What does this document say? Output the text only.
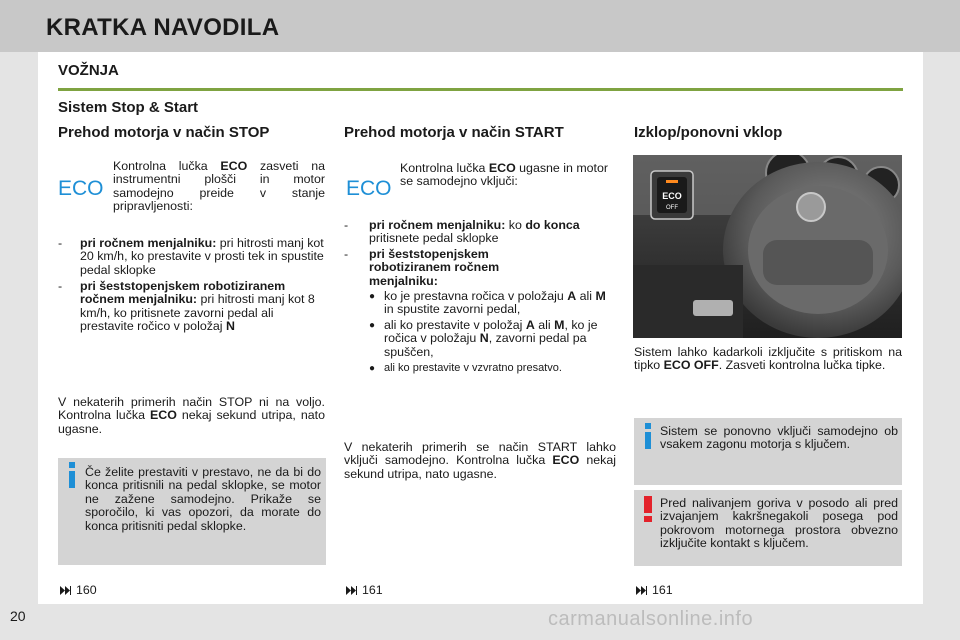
KRATKA NAVODILA
VOŽNJA
Sistem Stop & Start
Prehod motorja v način STOP
ECO
Kontrolna lučka ECO zasveti na instrumentni plošči in motor samodejno preide v stanje pripravljenosti:
- pri ročnem menjalniku: pri hitrosti manj kot 20 km/h, ko prestavite v prosti tek in spustite pedal sklopke
- pri šeststopenjskem robotiziranem ročnem menjalniku: pri hitrosti manj kot 8 km/h, ko pritisnete zavorni pedal ali prestavite ročico v položaj N
V nekaterih primerih način STOP ni na voljo. Kontrolna lučka ECO nekaj sekund utripa, nato ugasne.
Če želite prestaviti v prestavo, ne da bi do konca pritisnili na pedal sklopke, se motor ne zažene samodejno. Prikaže se sporočilo, ki vas opozori, da morate do konca pritisniti pedal sklopke.
160
Prehod motorja v način START
ECO
Kontrolna lučka ECO ugasne in motor se samodejno vključi:
- pri ročnem menjalniku: ko do konca pritisnete pedal sklopke
- pri šeststopenjskem robotiziranem ročnem menjalniku:
● ko je prestavna ročica v položaju A ali M in spustite zavorni pedal,
● ali ko prestavite v položaj A ali M, ko je ročica v položaju N, zavorni pedal pa spuščen,
● ali ko prestavite v vzvratno presatvo.
V nekaterih primerih se način START lahko vključi samodejno. Kontrolna lučka ECO nekaj sekund utripa, nato ugasne.
161
Izklop/ponovni vklop
ECO
OFF
Sistem lahko kadarkoli izključite s pritiskom na tipko ECO OFF. Zasveti kontrolna lučka tipke.
Sistem se ponovno vključi samodejno ob vsakem zagonu motorja s ključem.
Pred nalivanjem goriva v posodo ali pred izvajanjem kakršnegakoli posega pod pokrovom motornega prostora obvezno izključite kontakt s ključem.
161
20	carmanualsonline.info
